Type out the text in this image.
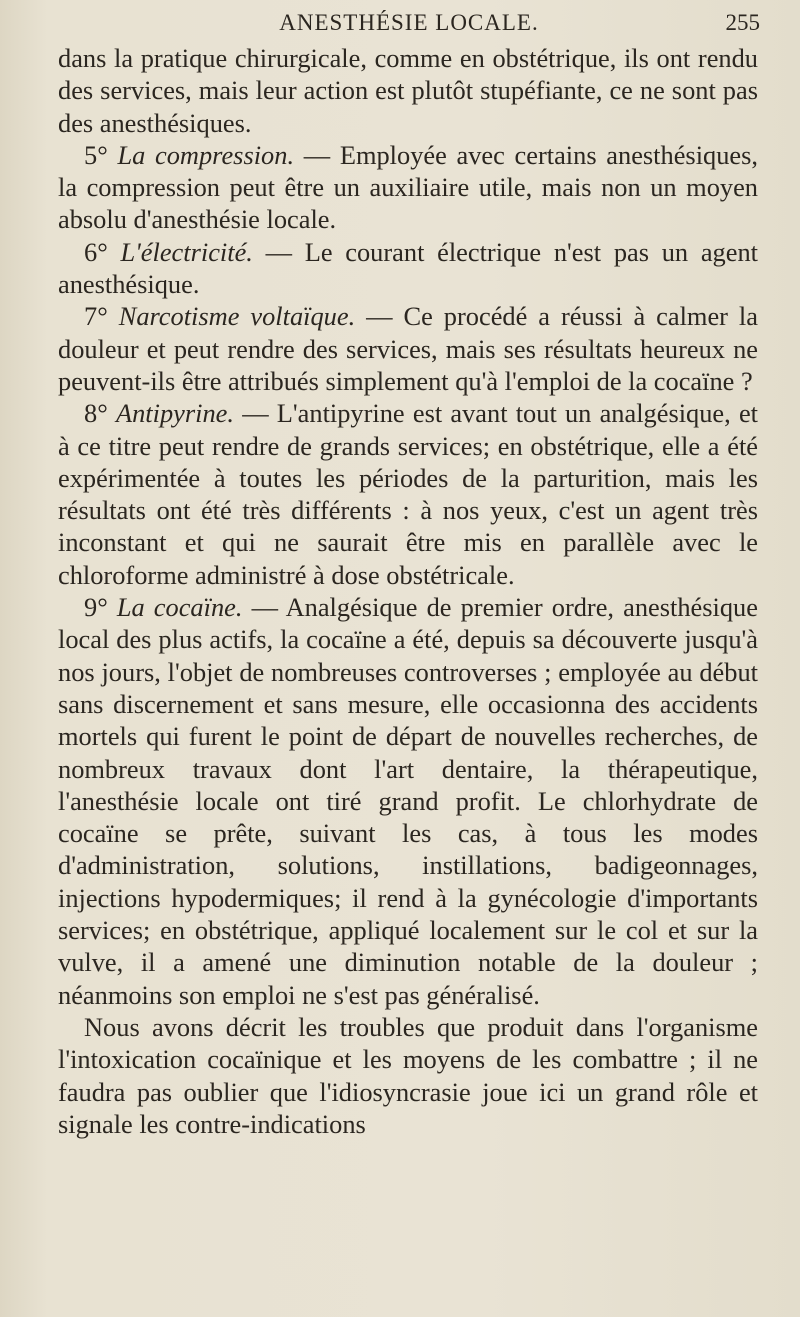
ANESTHÉSIE LOCALE.	255

dans la pratique chirurgicale, comme en obstétrique, ils ont rendu des services, mais leur action est plutôt stupéfiante, ce ne sont pas des anesthésiques.

5° La compression. — Employée avec certains anesthésiques, la compression peut être un auxiliaire utile, mais non un moyen absolu d'anesthésie locale.

6° L'électricité. — Le courant électrique n'est pas un agent anesthésique.

7° Narcotisme voltaïque. — Ce procédé a réussi à calmer la douleur et peut rendre des services, mais ses résultats heureux ne peuvent-ils être attribués simplement qu'à l'emploi de la cocaïne ?

8° Antipyrine. — L'antipyrine est avant tout un analgésique, et à ce titre peut rendre de grands services; en obstétrique, elle a été expérimentée à toutes les périodes de la parturition, mais les résultats ont été très différents : à nos yeux, c'est un agent très inconstant et qui ne saurait être mis en parallèle avec le chloroforme administré à dose obstétricale.

9° La cocaïne. — Analgésique de premier ordre, anesthésique local des plus actifs, la cocaïne a été, depuis sa découverte jusqu'à nos jours, l'objet de nombreuses controverses ; employée au début sans discernement et sans mesure, elle occasionna des accidents mortels qui furent le point de départ de nouvelles recherches, de nombreux travaux dont l'art dentaire, la thérapeutique, l'anesthésie locale ont tiré grand profit. Le chlorhydrate de cocaïne se prête, suivant les cas, à tous les modes d'administration, solutions, instillations, badigeonnages, injections hypodermiques; il rend à la gynécologie d'importants services; en obstétrique, appliqué localement sur le col et sur la vulve, il a amené une diminution notable de la douleur ; néanmoins son emploi ne s'est pas généralisé.

Nous avons décrit les troubles que produit dans l'organisme l'intoxication cocaïnique et les moyens de les combattre ; il ne faudra pas oublier que l'idiosyncrasie joue ici un grand rôle et signale les contre-indications
